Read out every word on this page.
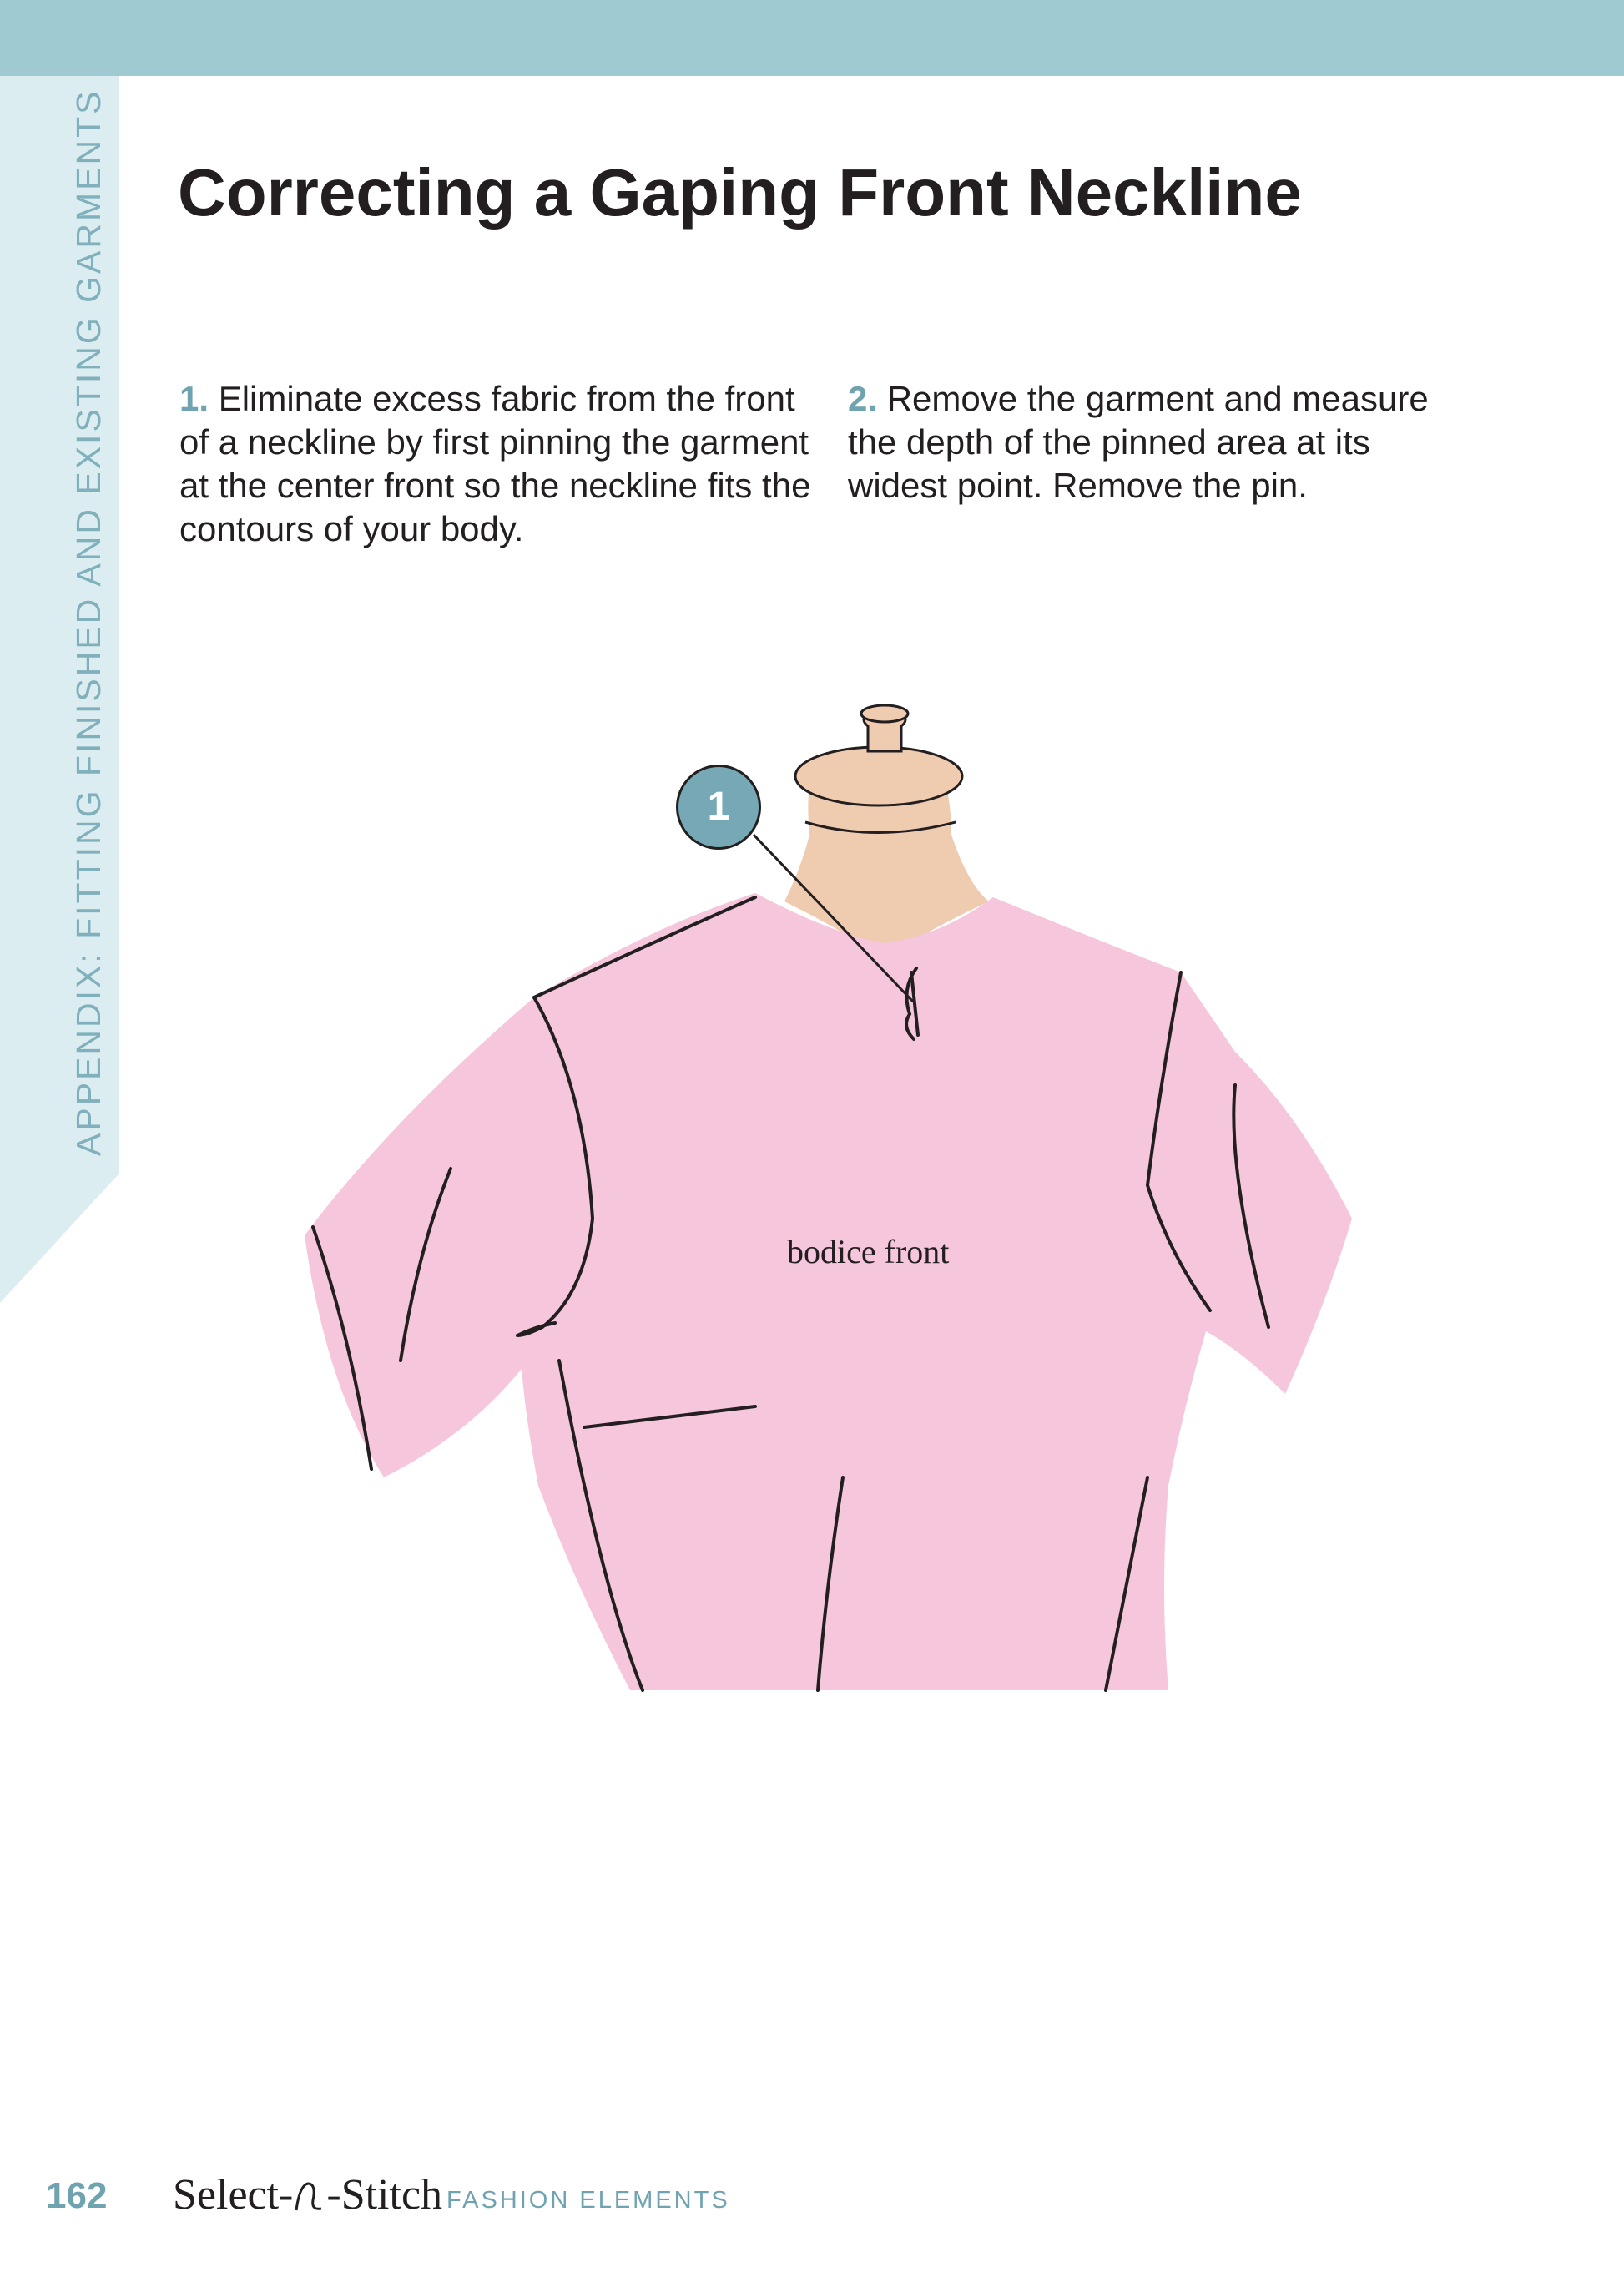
APPENDIX: FITTING FINISHED AND EXISTING GARMENTS Correcting a Gaping Front Neckline
1. Eliminate excess fabric from the front of a neckline by first pinning the garment at the center front so the neckline fits the contours of your body.
2. Remove the garment and measure the depth of the pinned area at its widest point. Remove the pin.
1
bodice front
162 Select- -Stitch FASHION ELEMENTS
